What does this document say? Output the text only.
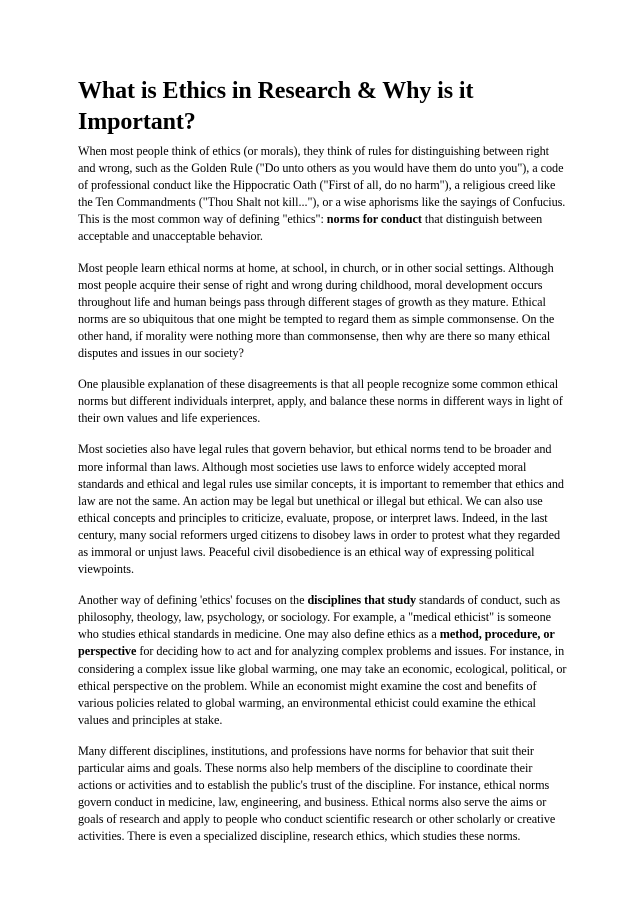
What is Ethics in Research & Why is it Important?

When most people think of ethics (or morals), they think of rules for distinguishing between right and wrong, such as the Golden Rule ("Do unto others as you would have them do unto you"), a code of professional conduct like the Hippocratic Oath ("First of all, do no harm"), a religious creed like the Ten Commandments ("Thou Shalt not kill..."), or a wise aphorisms like the sayings of Confucius. This is the most common way of defining "ethics": norms for conduct that distinguish between acceptable and unacceptable behavior.

Most people learn ethical norms at home, at school, in church, or in other social settings. Although most people acquire their sense of right and wrong during childhood, moral development occurs throughout life and human beings pass through different stages of growth as they mature. Ethical norms are so ubiquitous that one might be tempted to regard them as simple commonsense. On the other hand, if morality were nothing more than commonsense, then why are there so many ethical disputes and issues in our society?

One plausible explanation of these disagreements is that all people recognize some common ethical norms but different individuals interpret, apply, and balance these norms in different ways in light of their own values and life experiences.

Most societies also have legal rules that govern behavior, but ethical norms tend to be broader and more informal than laws. Although most societies use laws to enforce widely accepted moral standards and ethical and legal rules use similar concepts, it is important to remember that ethics and law are not the same. An action may be legal but unethical or illegal but ethical. We can also use ethical concepts and principles to criticize, evaluate, propose, or interpret laws. Indeed, in the last century, many social reformers urged citizens to disobey laws in order to protest what they regarded as immoral or unjust laws. Peaceful civil disobedience is an ethical way of expressing political viewpoints.

Another way of defining 'ethics' focuses on the disciplines that study standards of conduct, such as philosophy, theology, law, psychology, or sociology. For example, a "medical ethicist" is someone who studies ethical standards in medicine. One may also define ethics as a method, procedure, or perspective for deciding how to act and for analyzing complex problems and issues. For instance, in considering a complex issue like global warming, one may take an economic, ecological, political, or ethical perspective on the problem. While an economist might examine the cost and benefits of various policies related to global warming, an environmental ethicist could examine the ethical values and principles at stake.

Many different disciplines, institutions, and professions have norms for behavior that suit their particular aims and goals. These norms also help members of the discipline to coordinate their actions or activities and to establish the public's trust of the discipline. For instance, ethical norms govern conduct in medicine, law, engineering, and business. Ethical norms also serve the aims or goals of research and apply to people who conduct scientific research or other scholarly or creative activities. There is even a specialized discipline, research ethics, which studies these norms.
